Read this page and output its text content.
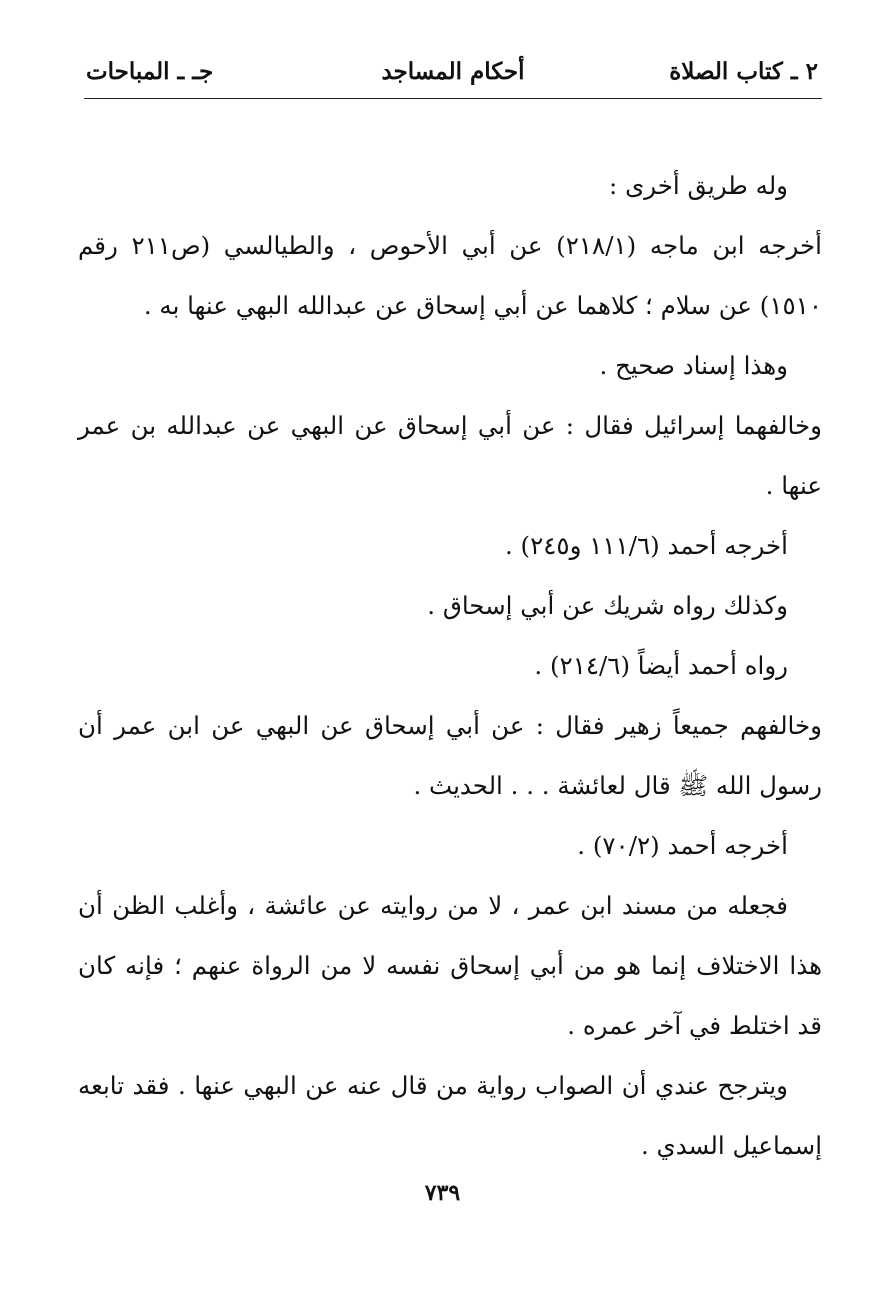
٢ ـ كتاب الصلاة
أحكام المساجد
جـ ـ المباحات

وله طريق أخرى :

أخرجه ابن ماجه (٢١٨/١) عن أبي الأحوص ، والطيالسي (ص٢١١ رقم ١٥١٠) عن سلام ؛ كلاهما عن أبي إسحاق عن عبدالله البهي عنها به .

وهذا إسناد صحيح .

وخالفهما إسرائيل فقال : عن أبي إسحاق عن البهي عن عبدالله بن عمر عنها .

أخرجه أحمد (١١١/٦ و٢٤٥) .

وكذلك رواه شريك عن أبي إسحاق .

رواه أحمد أيضاً (٢١٤/٦) .

وخالفهم جميعاً زهير فقال : عن أبي إسحاق عن البهي عن ابن عمر أن رسول الله ﷺ قال لعائشة . . . الحديث .

أخرجه أحمد (٧٠/٢) .

فجعله من مسند ابن عمر ، لا من روايته عن عائشة ، وأغلب الظن أن هذا الاختلاف إنما هو من أبي إسحاق نفسه لا من الرواة عنهم ؛ فإنه كان قد اختلط في آخر عمره .

ويترجح عندي أن الصواب رواية من قال عنه عن البهي عنها . فقد تابعه إسماعيل السدي .

٧٣٩
